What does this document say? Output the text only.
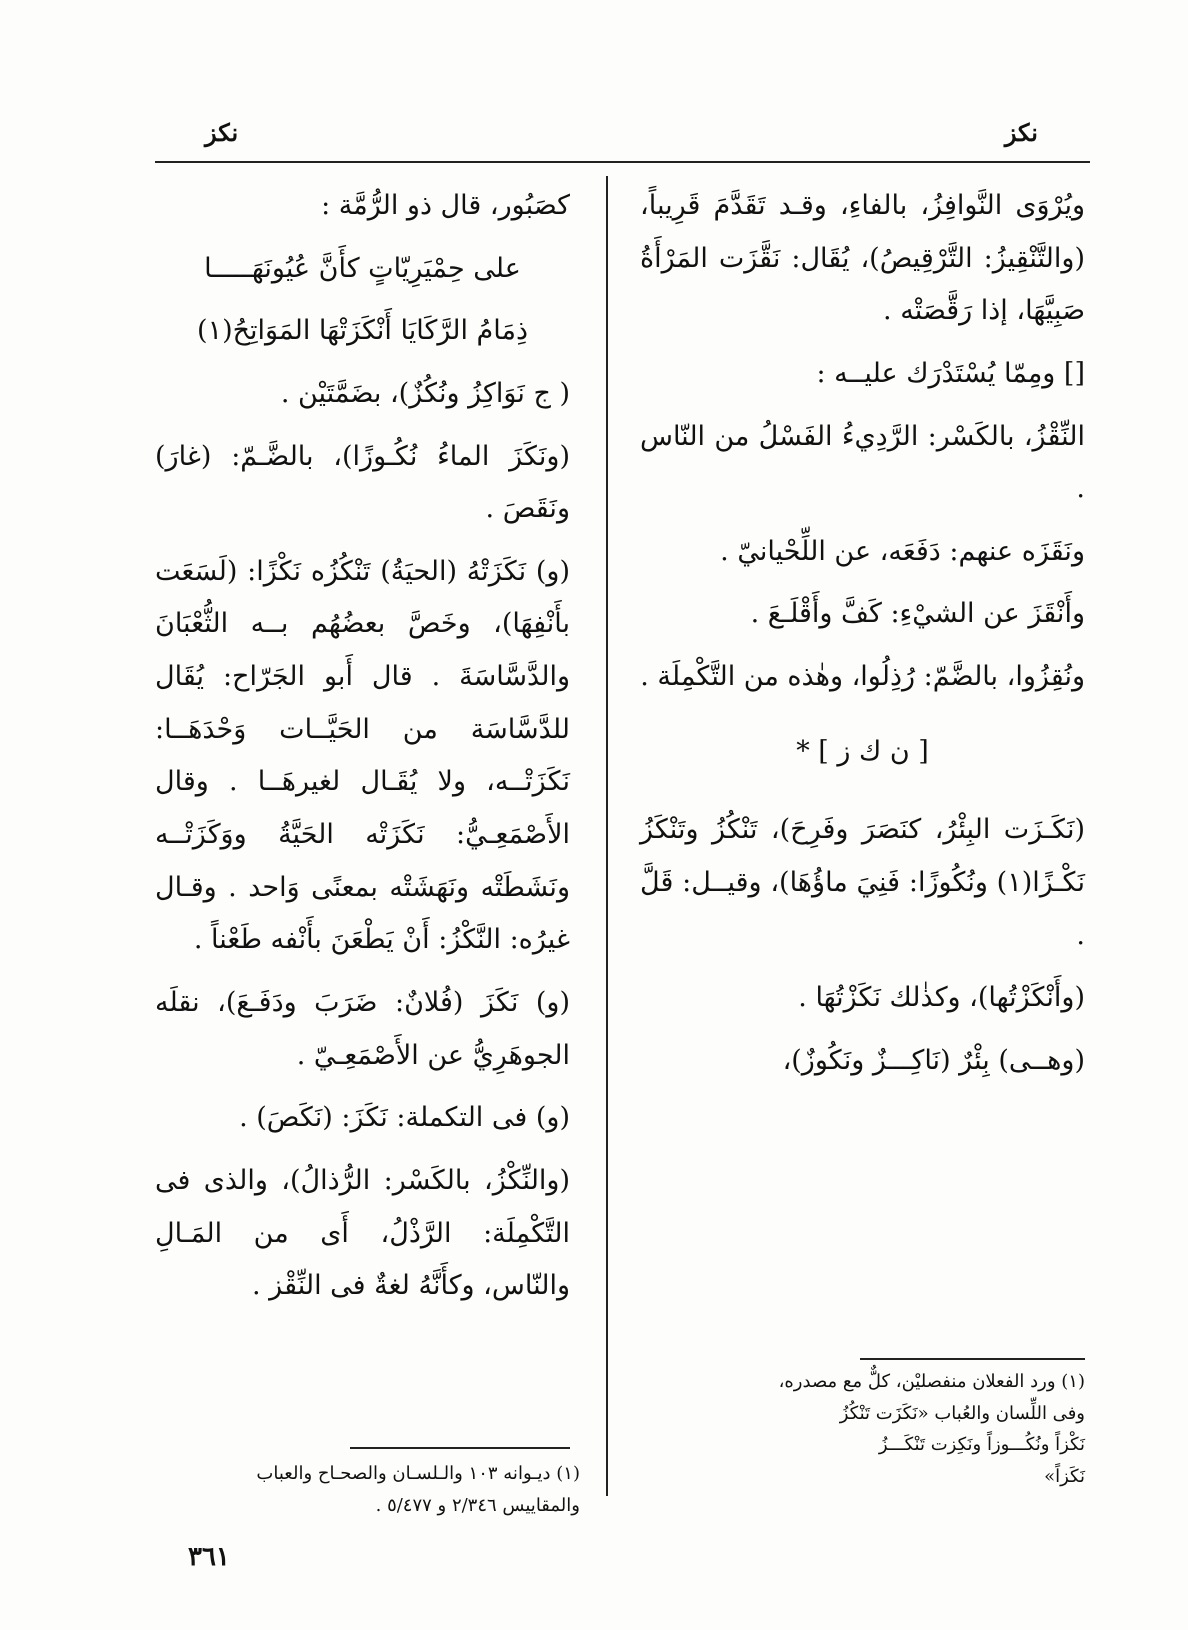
نكز
نكز

ويُرْوَى النَّوافِزُ، بالفاءِ، وقـد تَقَدَّمَ قَرِيباً، (والتَّنْقِيزُ: التَّرْقِيصُ)، يُقَال: نَقَّزَت المَرْأَةُ صَبِيَّهَا، إذا رَقَّصَتْه .

[] ومِمّا يُسْتَدْرَك عليــه :

النِّقْزُ، بالكَسْر: الرَّدِيءُ الفَسْلُ من النّاس .

ونَقَزَه عنهم: دَفَعَه، عن اللِّحْيانيّ .

وأَنْقَزَ عن الشيْءِ: كَفَّ وأَقْلَـعَ .

ونُقِزُوا، بالضَّمّ: رُذِلُوا، وهٰذه من التَّكْمِلَة .

[ ن ك ز ] *

(نَكَـزَت البِئْرُ، كنَصَرَ وفَرِحَ)، تَنْكُزُ وتَنْكَزُ نَكْـزًا(١) ونُكُوزًا: فَنِيَ ماؤُهَا)، وقيــل: قَلَّ .

(وأَنْكَزْتُها)، وكذٰلك نَكَزْتُهَا .

(وهــى) بِئْرٌ (نَاكِـــزٌ ونَكُوزٌ)،

كصَبُور، قال ذو الرُّمَّة :

على حِمْيَرِيّاتٍ كأَنَّ عُيُونَهَـــــا

ذِمَامُ الرَّكَايَا أَنْكَزَتْهَا المَوَاتِحُ(١)

( ج نَوَاكِزُ ونُكُزٌ)، بضَمَّتَيْن .

(ونَكَزَ الماءُ نُكُـوزًا)، بالضَّـمّ: (غارَ) ونَقَصَ .

(و) نَكَزَتْهُ (الحيَةُ) تَنْكُزُه نَكْزًا: (لَسَعَت بأَنْفِهَا)، وخَصَّ بعضُهُم بــه الثُّعْبَانَ والدَّسَّاسَةَ . قال أَبو الجَرّاح: يُقَال للدَّسَّاسَة من الحَيَّــات وَحْدَهَــا: نَكَزَتْــه، ولا يُقَـال لغيرهَــا . وقال الأَصْمَعِـيُّ: نَكَزَتْه الحَيَّةُ ووَكَزَتْــه ونَشَطَتْه ونَهَشَتْه بمعنًى وَاحد . وقـال غيرُه: النَّكْزُ: أَنْ يَطْعَنَ بأَنْفه طَعْناً .

(و) نَكَزَ (فُلانٌ: ضَرَبَ ودَفَـعَ)، نقلَه الجوهَرِيُّ عن الأَصْمَعِـيّ .

(و) فى التكملة: نَكَزَ: (نَكَصَ) .

(والنِّكْزُ، بالكَسْر: الرُّذالُ)، والذى فى التَّكْمِلَة: الرَّذْلُ، أَى من المَـالِ والنّاس، وكأَنَّهُ لغةٌ فى النِّقْز .

(١) ورد الفعلان منفصليْن، كلٌّ مع مصدره،

وفى اللِّسان والعُباب «نَكَزَت تَنْكُزُ

نَكْزاً ونُكُـــوزاً ونَكِزت تَنْكَـــزُ

نَكَزاً»

(١) ديـوانه ١٠٣ والـلسـان والصحـاح والعباب

والمقاييس ٢/٣٤٦ و ٥/٤٧٧ .

٣٦١
